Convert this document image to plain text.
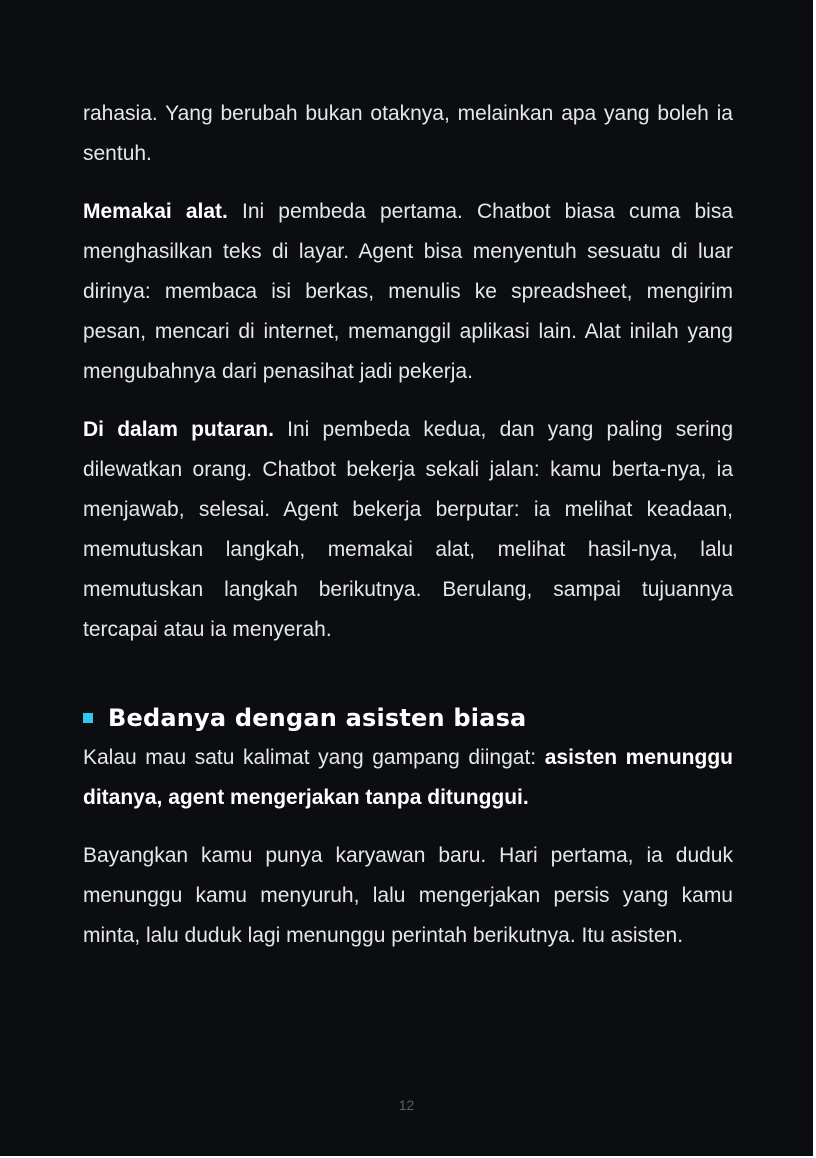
rahasia. Yang berubah bukan otaknya, melainkan apa yang boleh ia sentuh.

Memakai alat. Ini pembeda pertama. Chatbot biasa cuma bisa menghasilkan teks di layar. Agent bisa menyentuh sesuatu di luar dirinya: membaca isi berkas, menulis ke spreadsheet, mengirim pesan, mencari di internet, memanggil aplikasi lain. Alat inilah yang mengubahnya dari penasihat jadi pekerja.

Di dalam putaran. Ini pembeda kedua, dan yang paling sering dilewatkan orang. Chatbot bekerja sekali jalan: kamu berta-nya, ia menjawab, selesai. Agent bekerja berputar: ia melihat keadaan, memutuskan langkah, memakai alat, melihat hasil-nya, lalu memutuskan langkah berikutnya. Berulang, sampai tujuannya tercapai atau ia menyerah.

Bedanya dengan asisten biasa

Kalau mau satu kalimat yang gampang diingat: asisten menunggu ditanya, agent mengerjakan tanpa ditunggui.

Bayangkan kamu punya karyawan baru. Hari pertama, ia duduk menunggu kamu menyuruh, lalu mengerjakan persis yang kamu minta, lalu duduk lagi menunggu perintah berikutnya. Itu asisten.

12
